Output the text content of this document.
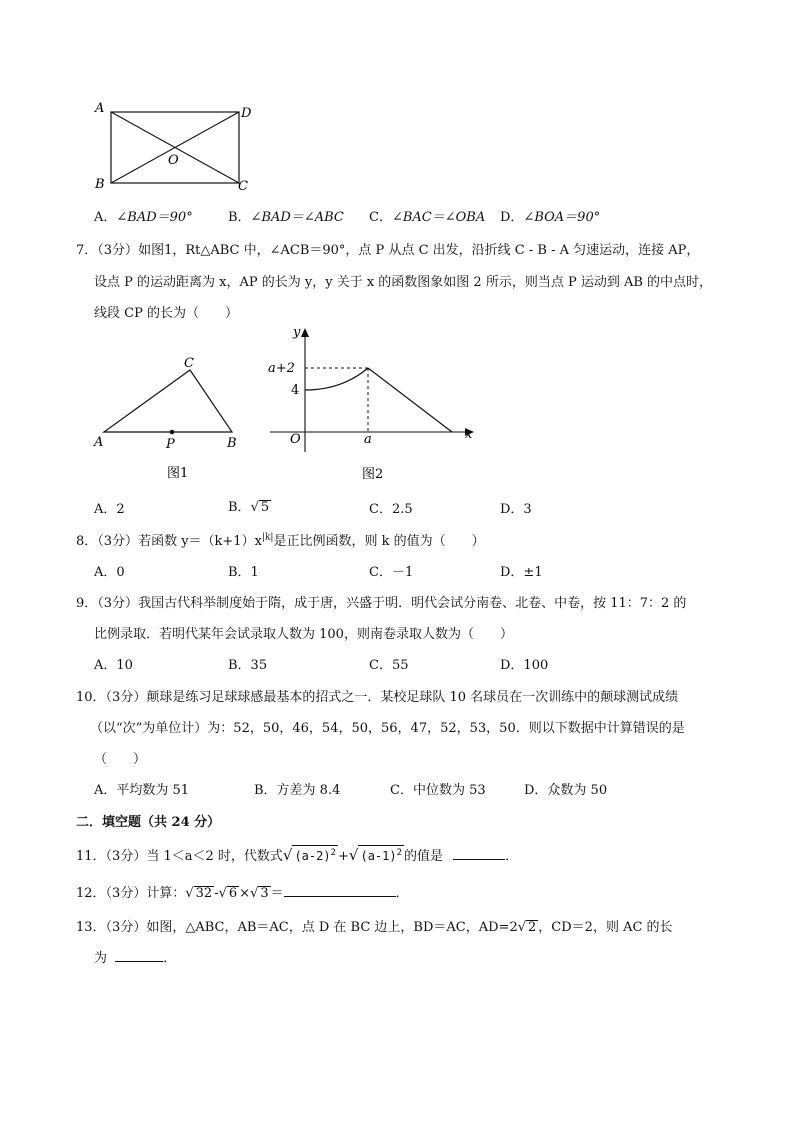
A	D
B	C
O
A．∠BAD＝90°	B．∠BAD＝∠ABC C．∠BAC＝∠OBA D．∠BOA＝90°
7．（3分）如图1，Rt△ABC 中，∠ACB＝90°，点 P 从点 C 出发，沿折线 C - B - A 匀速运动，连接 AP，
设点 P 的运动距离为 x，AP 的长为 y，y 关于 x 的函数图象如图 2 所示，则当点 P 运动到 AB 的中点时，
线段 CP 的长为（　　）
A
C
B
P
图1
y
x
O
a+2
4
a
图2
A．2	B．√ 5	C．2.5	D．3
8．（3分）若函数 $y=(k+1)x^{|k|}$是正比例函数，则 k 的值为（　　）
A．0	B．1	C．－1	D．±1
9．（3分）我国古代科举制度始于隋，成于唐，兴盛于明．明代会试分南卷、北卷、中卷，按 11：7：2 的
比例录取．若明代某年会试录取人数为 100，则南卷录取人数为（　　）
A．10	B．35	C．55	D．100
10．（3分）颠球是练习足球球感最基本的招式之一．某校足球队 10 名球员在一次训练中的颠球测试成绩
（以“次”为单位计）为：52，50，46，54，50，56，47，52，53，50．则以下数据中计算错误的是
（　　）
A．平均数为 51	B．方差为 8.4	C．中位数为 53	D．众数为 50
二．填空题（共 24 分）
11．（3分）当 1＜a＜2 时，代数式√ $(a-2)^2$ +√ $(a-1)^2$ 的值是	．
12．（3分）计算：√ 32 -√ 6 ×√ 3 ＝	．
13．（3分）如图，△ABC，AB＝AC，点 D 在 BC 边上，BD＝AC，AD=2√ 2 ，CD＝2，则 AC 的长
为	．
